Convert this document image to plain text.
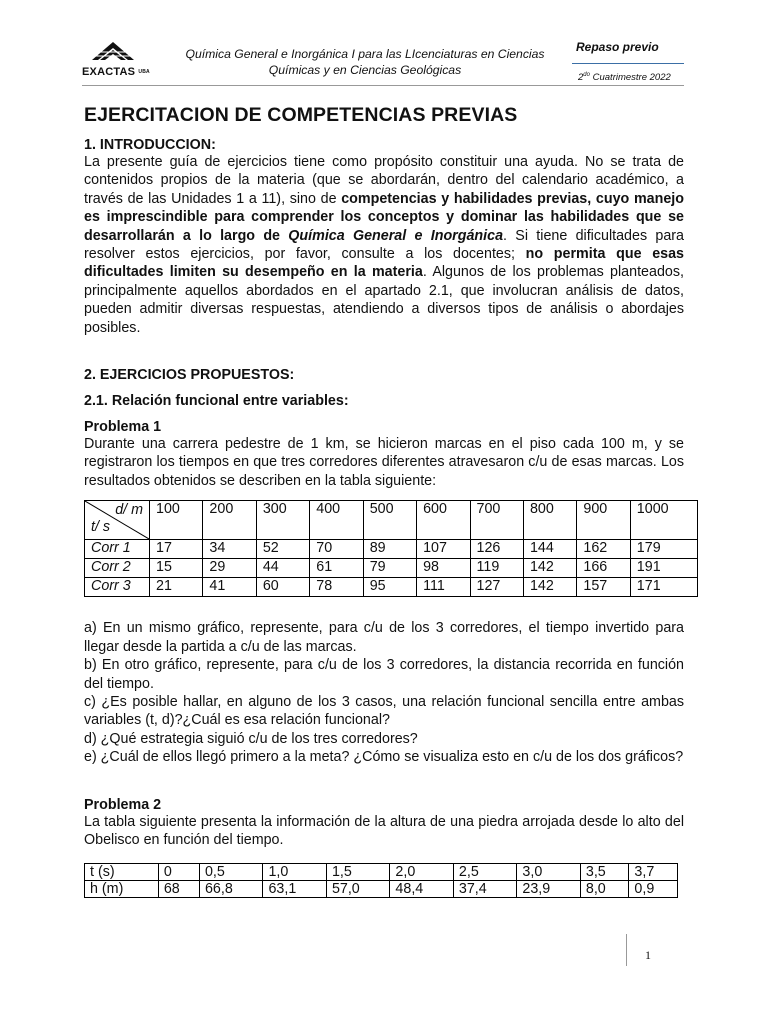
EXACTAS UBA
Química General e Inorgánica I para las LIcenciaturas en Ciencias
Químicas y en Ciencias Geológicas
Repaso previo
$2^{do}$ Cuatrimestre 2022
EJERCITACION DE COMPETENCIAS PREVIAS
1. INTRODUCCION:

La presente guía de ejercicios tiene como propósito constituir una ayuda. No se trata de contenidos propios de la materia (que se abordarán, dentro del calendario académico, a través de las Unidades 1 a 11), sino de competencias y habilidades previas, cuyo manejo es imprescindible para comprender los conceptos y dominar las habilidades que se desarrollarán a lo largo de Química General e Inorgánica. Si tiene dificultades para resolver estos ejercicios, por favor, consulte a los docentes; no permita que esas dificultades limiten su desempeño en la materia. Algunos de los problemas planteados, principalmente aquellos abordados en el apartado 2.1, que involucran análisis de datos, pueden admitir diversas respuestas, atendiendo a diversos tipos de análisis o abordajes posibles.

2. EJERCICIOS PROPUESTOS:
2.1. Relación funcional entre variables:
Problema 1

Durante una carrera pedestre de 1 km, se hicieron marcas en el piso cada 100 m, y se registraron los tiempos en que tres corredores diferentes atravesaron c/u de esas marcas. Los resultados obtenidos se describen en la tabla siguiente:

d/ m
t/ s	100	200	300	400	500	600	700	800	900	1000
Corr 1	17	34	52	70	89	107	126	144	162	179
Corr 2	15	29	44	61	79	98	119	142	166	191
Corr 3	21	41	60	78	95	111	127	142	157	171

a) En un mismo gráfico, represente, para c/u de los 3 corredores, el tiempo invertido para llegar desde la partida a c/u de las marcas.

b) En otro gráfico, represente, para c/u de los 3 corredores, la distancia recorrida en función del tiempo.

c) ¿Es posible hallar, en alguno de los 3 casos, una relación funcional sencilla entre ambas variables (t, d)?¿Cuál es esa relación funcional?

d) ¿Qué estrategia siguió c/u de los tres corredores?

e) ¿Cuál de ellos llegó primero a la meta? ¿Cómo se visualiza esto en c/u de los dos gráficos?

Problema 2

La tabla siguiente presenta la información de la altura de una piedra arrojada desde lo alto del Obelisco en función del tiempo.

t (s)	0	0,5	1,0	1,5	2,0	2,5	3,0	3,5	3,7
h (m)	68	66,8	63,1	57,0	48,4	37,4	23,9	8,0	0,9
1
